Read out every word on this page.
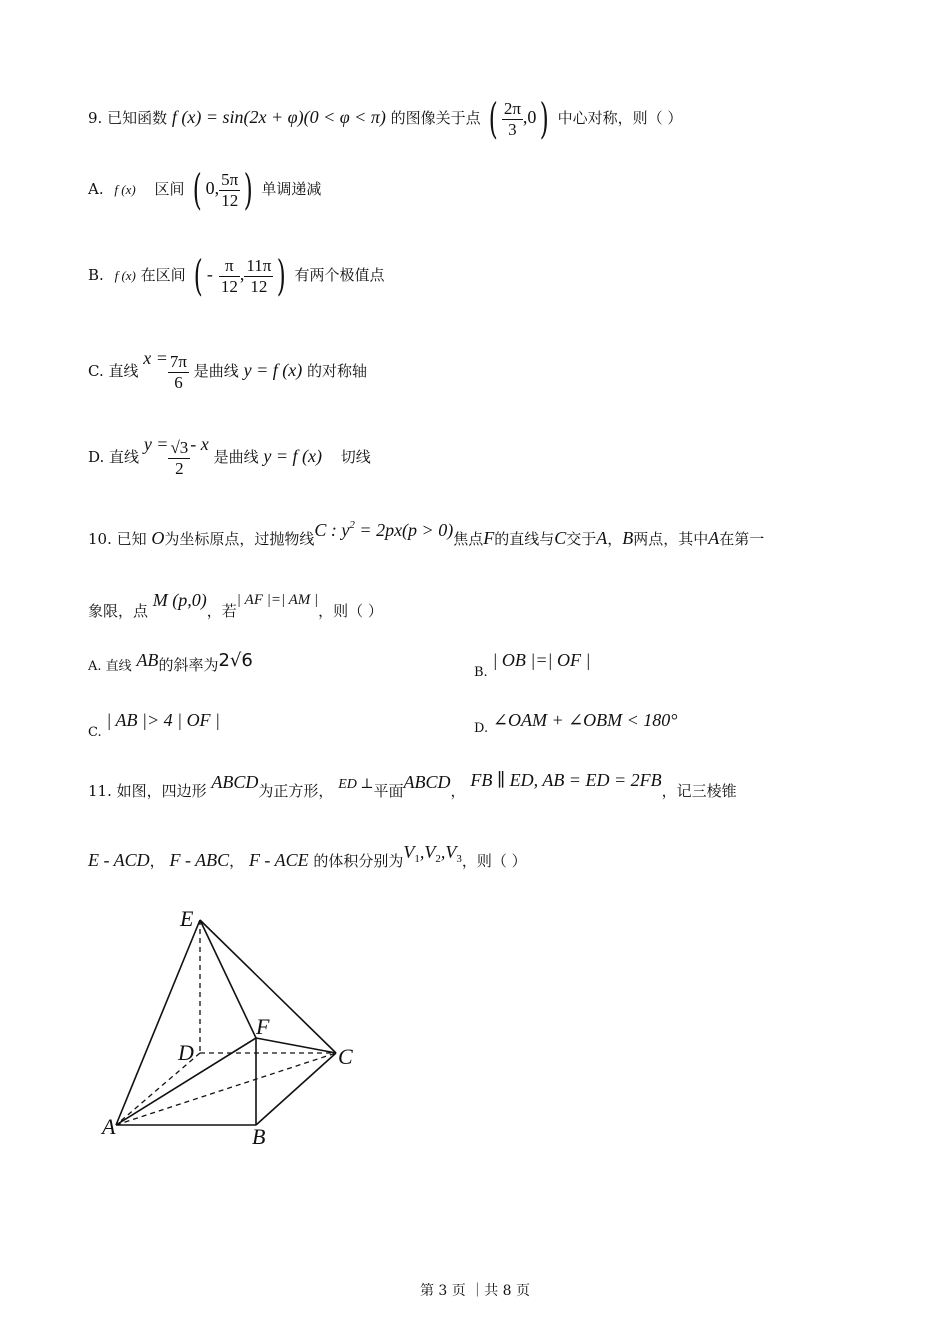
9. 已知函数 f (x) = sin(2x + φ)(0 < φ < π) 的图像关于点 ( $\frac{2\pi}{3} ,0$) 中心对称，则（ ）
A. f (x) 区间 ( 0, $\frac{5\pi}{12}$ ) 单调递减
B. f (x) 在区间 ( - $\frac{\pi}{12}$ , $\frac{11\pi}{12}$ ) 有两个极值点
C. 直线 $x = \frac{7\pi}{6}$ 是曲线 y = f (x) 的对称轴
D. 直线 $y = \frac{√3}{2} - x$ 是曲线 y = f (x) 切线
10. 已知 O为坐标原点，过抛物线C : $y^2 = 2px(p > 0)$焦点F的直线与C交于A，B两点，其中A在第一
象限，点 M (p,0)，若| AF |=| AM |，则（ ）
A. 直线 AB的斜率为2√6
B. | OB |=| OF |
C. | AB |> 4 | OF |	D. ∠OAM + ∠OBM < 180°
11. 如图，四边形 ABCD为正方形， ED ⊥平面ABCD， FB ∥ ED, AB = ED = 2FB，记三棱锥
E - ACD， F - ABC， F - ACE 的体积分别为$V_1,V_2,V_3$，则（ ）
E
F
D	C
A	B
第 3 页 ｜共 8 页
